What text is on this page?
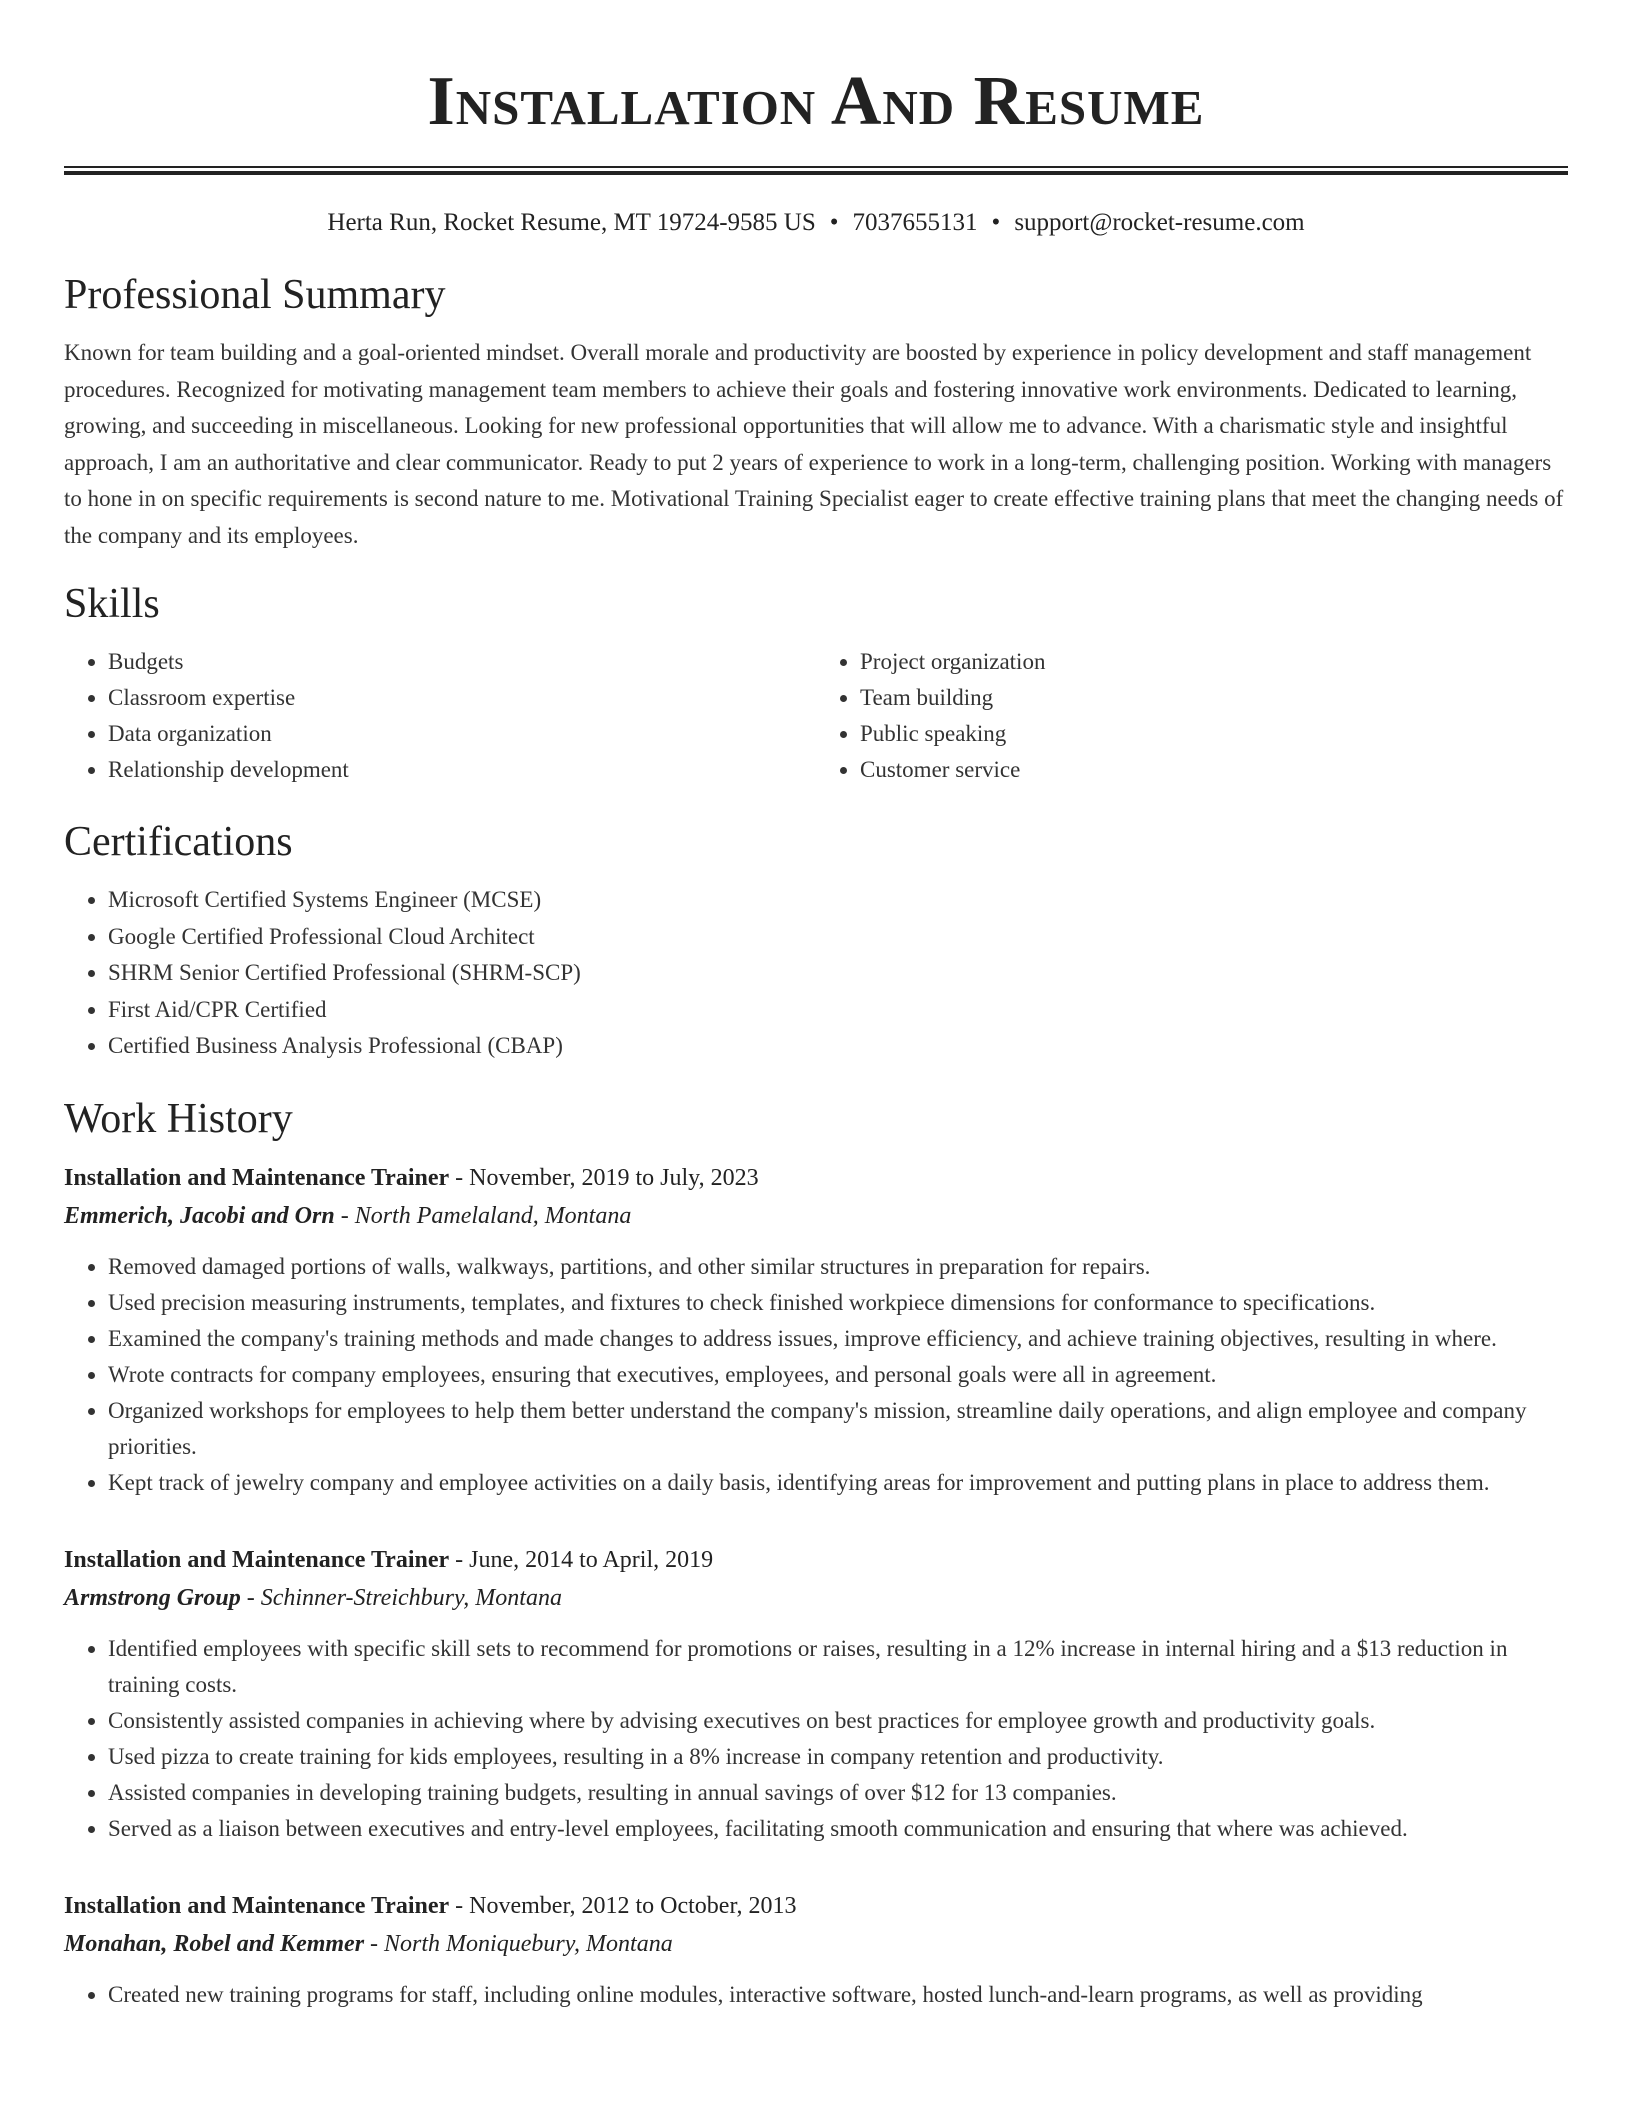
Installation And Resume
Herta Run, Rocket Resume, MT 19724-9585 US • 7037655131 • support@rocket-resume.com
Professional Summary

Known for team building and a goal-oriented mindset. Overall morale and productivity are boosted by experience in policy development and staff management procedures. Recognized for motivating management team members to achieve their goals and fostering innovative work environments. Dedicated to learning, growing, and succeeding in miscellaneous. Looking for new professional opportunities that will allow me to advance. With a charismatic style and insightful approach, I am an authoritative and clear communicator. Ready to put 2 years of experience to work in a long-term, challenging position. Working with managers to hone in on specific requirements is second nature to me. Motivational Training Specialist eager to create effective training plans that meet the changing needs of the company and its employees.

Skills
• Budgets
• Classroom expertise
• Data organization
• Relationship development
• Project organization
• Team building
• Public speaking
• Customer service
Certifications
• Microsoft Certified Systems Engineer (MCSE)
• Google Certified Professional Cloud Architect
• SHRM Senior Certified Professional (SHRM-SCP)
• First Aid/CPR Certified
• Certified Business Analysis Professional (CBAP)
Work History
Installation and Maintenance Trainer - November, 2019 to July, 2023
Emmerich, Jacobi and Orn - North Pamelaland, Montana
• Removed damaged portions of walls, walkways, partitions, and other similar structures in preparation for repairs.
• Used precision measuring instruments, templates, and fixtures to check finished workpiece dimensions for conformance to specifications.
• Examined the company's training methods and made changes to address issues, improve efficiency, and achieve training objectives, resulting in where.
• Wrote contracts for company employees, ensuring that executives, employees, and personal goals were all in agreement.
• Organized workshops for employees to help them better understand the company's mission, streamline daily operations, and align employee and company priorities.
• Kept track of jewelry company and employee activities on a daily basis, identifying areas for improvement and putting plans in place to address them.
Installation and Maintenance Trainer - June, 2014 to April, 2019
Armstrong Group - Schinner-Streichbury, Montana
• Identified employees with specific skill sets to recommend for promotions or raises, resulting in a 12% increase in internal hiring and a $13 reduction in training costs.
• Consistently assisted companies in achieving where by advising executives on best practices for employee growth and productivity goals.
• Used pizza to create training for kids employees, resulting in a 8% increase in company retention and productivity.
• Assisted companies in developing training budgets, resulting in annual savings of over $12 for 13 companies.
• Served as a liaison between executives and entry-level employees, facilitating smooth communication and ensuring that where was achieved.
Installation and Maintenance Trainer - November, 2012 to October, 2013
Monahan, Robel and Kemmer - North Moniquebury, Montana
• Created new training programs for staff, including online modules, interactive software, hosted lunch-and-learn programs, as well as providing
